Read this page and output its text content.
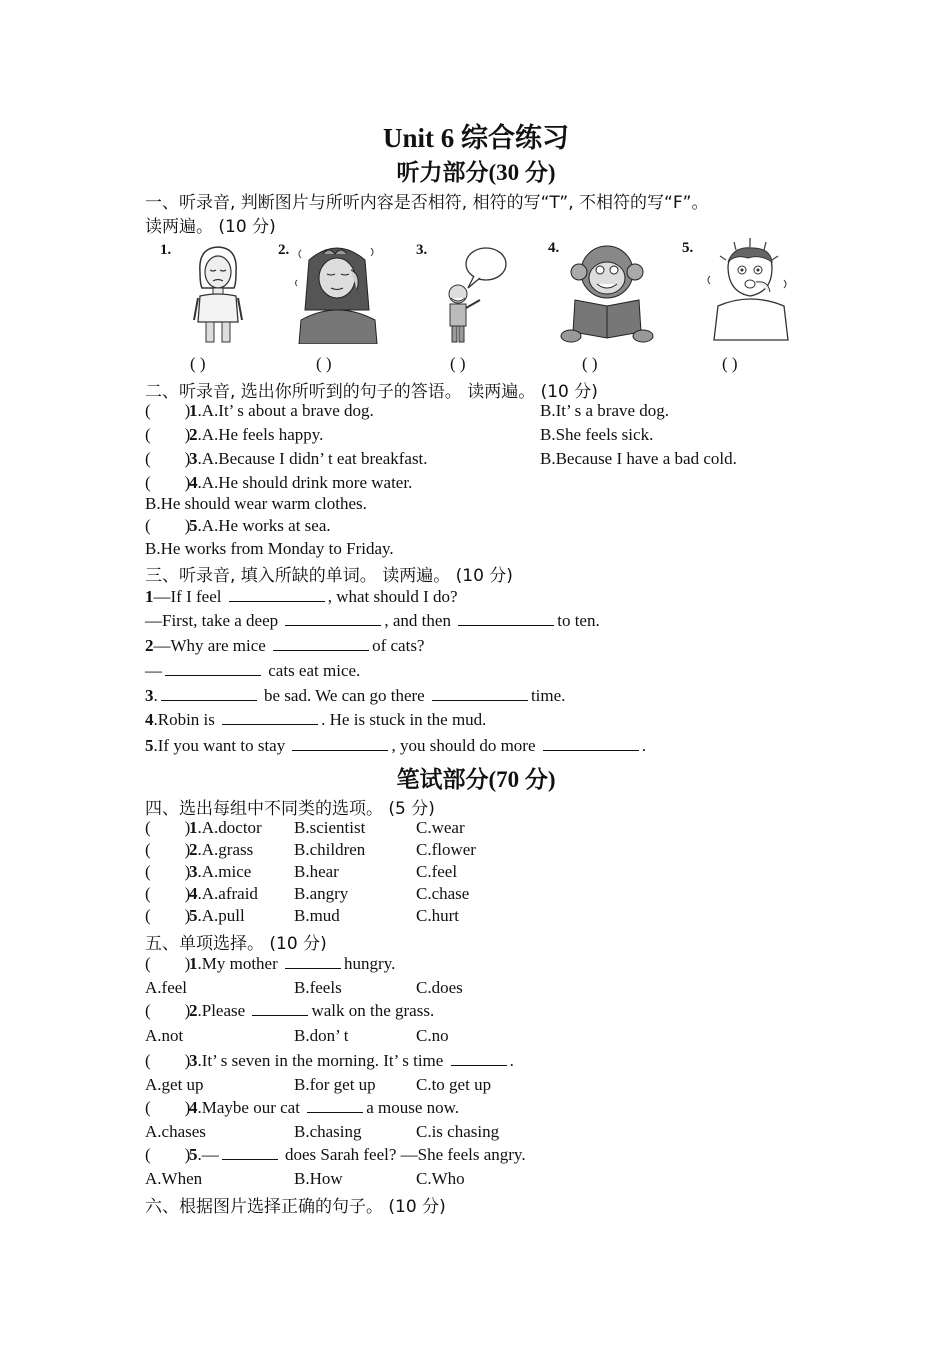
Unit 6 综合练习
听力部分(30 分)
一、听录音, 判断图片与所听内容是否相符, 相符的写“T”, 不相符的写“F”。
读两遍。 (10 分)
1.	2.	3.	4.	5.
( )	( )	( )	( )	( )
二、听录音, 选出你所听到的句子的答语。 读两遍。 (10 分)
( )1.A.It’ s about a brave dog.	B.It’ s a brave dog.
( )2.A.He feels happy.	B.She feels sick.
( )3.A.Because I didn’ t eat breakfast.	B.Because I have a bad cold.
( )4.A.He should drink more water.
B.He should wear warm clothes.
( )5.A.He works at sea.
B.He works from Monday to Friday.
三、听录音, 填入所缺的单词。 读两遍。 (10 分)
1—If I feel	, what should I do?
—First, take a deep	, and then	to ten.
2—Why are mice	of cats?
—	cats eat mice.
3.	be sad. We can go there	time.
4.Robin is	. He is stuck in the mud.
5.If you want to stay	, you should do more	.
笔试部分(70 分)
四、选出每组中不同类的选项。 (5 分)
( )1.A.doctor B.scientist	C.wear
( )2.A.grass B.children	C.flower
( )3.A.mice	B.hear	C.feel
( )4.A.afraid B.angry	C.chase
( )5.A.pull	B.mud	C.hurt
五、单项选择。 (10 分)
( )1.My mother	hungry.
A.feel	B.feels	C.does
( )2.Please	walk on the grass.
A.not	B.don’ t	C.no
( )3.It’ s seven in the morning. It’ s time	.
A.get up	B.for get up C.to get up
( )4.Maybe our cat	a mouse now.
A.chases	B.chasing	C.is chasing
( )5.—	does Sarah feel? —She feels angry.
A.When	B.How	C.Who
六、根据图片选择正确的句子。 (10 分)
